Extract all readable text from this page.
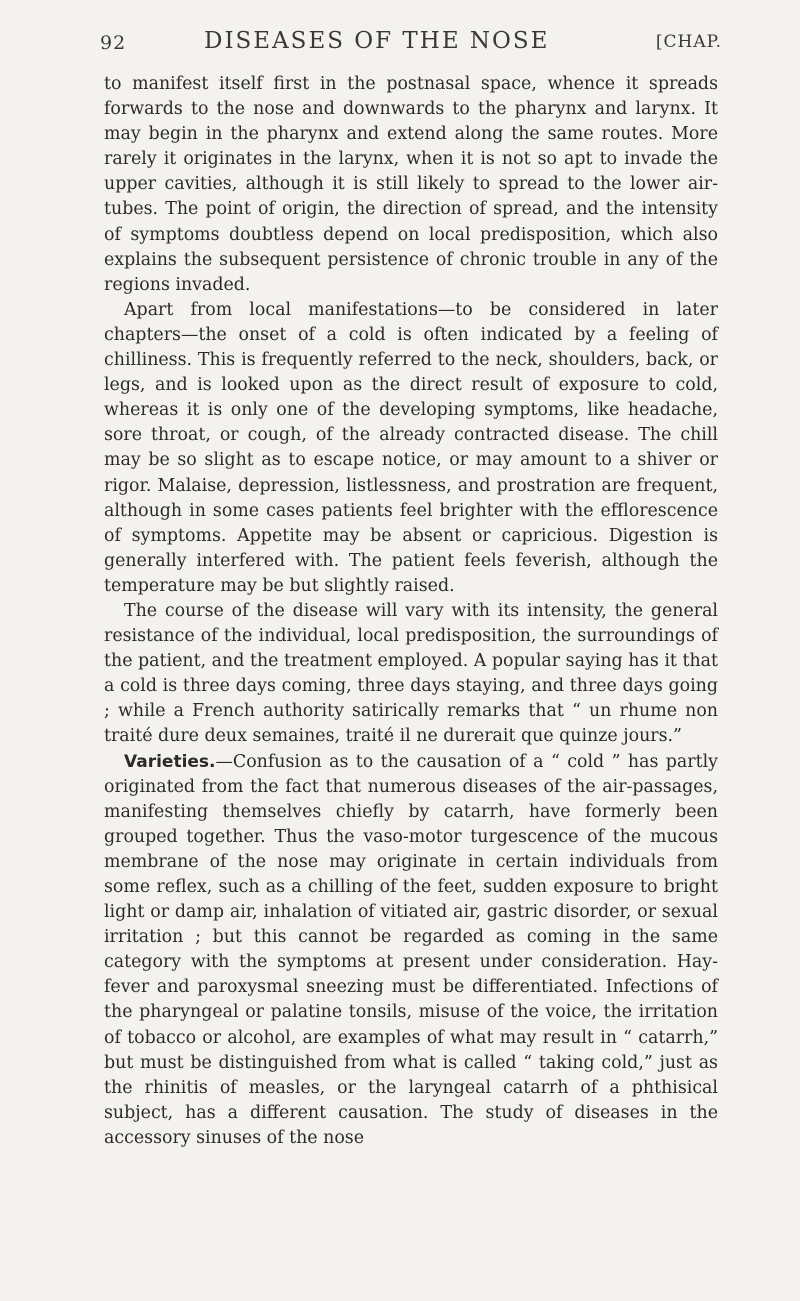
92	DISEASES OF THE NOSE	[CHAP.

to manifest itself first in the postnasal space, whence it spreads forwards to the nose and downwards to the pharynx and larynx. It may begin in the pharynx and extend along the same routes. More rarely it originates in the larynx, when it is not so apt to invade the upper cavities, although it is still likely to spread to the lower air-tubes. The point of origin, the direction of spread, and the intensity of symptoms doubtless depend on local predisposition, which also explains the subsequent persistence of chronic trouble in any of the regions invaded.

Apart from local manifestations—to be considered in later chapters—the onset of a cold is often indicated by a feeling of chilliness. This is frequently referred to the neck, shoulders, back, or legs, and is looked upon as the direct result of exposure to cold, whereas it is only one of the developing symptoms, like headache, sore throat, or cough, of the already contracted disease. The chill may be so slight as to escape notice, or may amount to a shiver or rigor. Malaise, depression, listlessness, and prostration are frequent, although in some cases patients feel brighter with the efflorescence of symptoms. Appetite may be absent or capricious. Digestion is generally interfered with. The patient feels feverish, although the temperature may be but slightly raised.

The course of the disease will vary with its intensity, the general resistance of the individual, local predisposition, the surroundings of the patient, and the treatment employed. A popular saying has it that a cold is three days coming, three days staying, and three days going ; while a French authority satirically remarks that “ un rhume non traité dure deux semaines, traité il ne durerait que quinze jours.”

Varieties.—Confusion as to the causation of a “ cold ” has partly originated from the fact that numerous diseases of the air-passages, manifesting themselves chiefly by catarrh, have formerly been grouped together. Thus the vaso-motor turgescence of the mucous membrane of the nose may originate in certain individuals from some reflex, such as a chilling of the feet, sudden exposure to bright light or damp air, inhalation of vitiated air, gastric disorder, or sexual irritation ; but this cannot be regarded as coming in the same category with the symptoms at present under consideration. Hay-fever and paroxysmal sneezing must be differentiated. Infections of the pharyngeal or palatine tonsils, misuse of the voice, the irritation of tobacco or alcohol, are examples of what may result in “ catarrh,” but must be distinguished from what is called “ taking cold,” just as the rhinitis of measles, or the laryngeal catarrh of a phthisical subject, has a different causation. The study of diseases in the accessory sinuses of the nose
